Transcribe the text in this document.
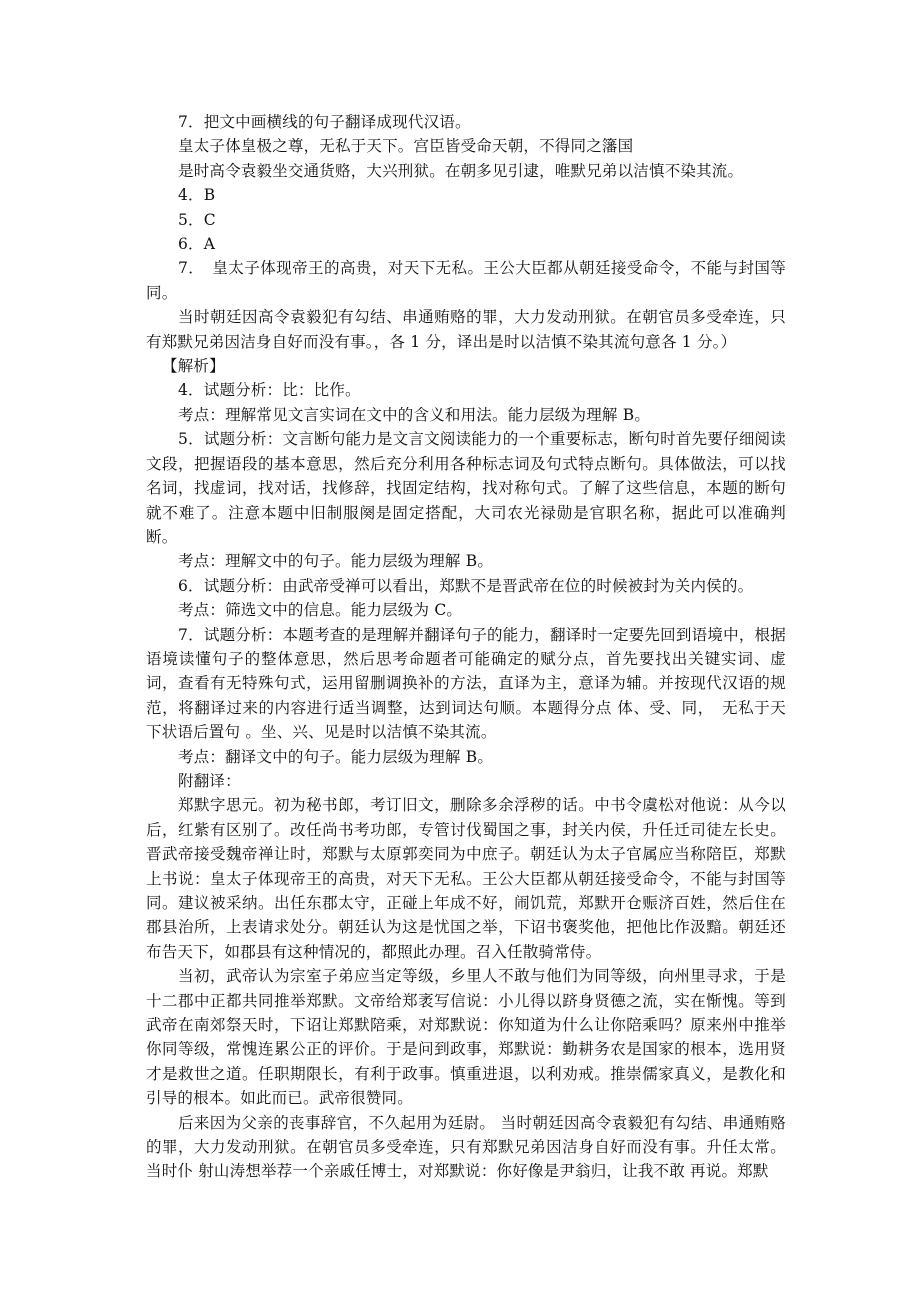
7．把文中画横线的句子翻译成现代汉语。

皇太子体皇极之尊，无私于天下。宫臣皆受命天朝，不得同之籓国

是时高令袁毅坐交通货赂，大兴刑狱。在朝多见引逮，唯默兄弟以洁慎不染其流。

4．B

5．C

6．A

7．　皇太子体现帝王的高贵，对天下无私。王公大臣都从朝廷接受命令，不能与封国等同。

当时朝廷因高令袁毅犯有勾结、串通贿赂的罪，大力发动刑狱。在朝官员多受牵连，只有郑默兄弟因洁身自好而没有事。，各 1 分，译出是时以洁慎不染其流句意各 1 分。）

【解析】

4．试题分析：比：比作。

考点：理解常见文言实词在文中的含义和用法。能力层级为理解 B。

5．试题分析：文言断句能力是文言文阅读能力的一个重要标志，断句时首先要仔细阅读文段，把握语段的基本意思，然后充分利用各种标志词及句式特点断句。具体做法，可以找名词，找虚词，找对话，找修辞，找固定结构，找对称句式。了解了这些信息，本题的断句就不难了。注意本题中旧制服阕是固定搭配，大司农光禄勋是官职名称，据此可以准确判断。

考点：理解文中的句子。能力层级为理解 B。

6．试题分析：由武帝受禅可以看出，郑默不是晋武帝在位的时候被封为关内侯的。

考点：筛选文中的信息。能力层级为 C。

7．试题分析：本题考查的是理解并翻译句子的能力，翻译时一定要先回到语境中，根据语境读懂句子的整体意思，然后思考命题者可能确定的赋分点，首先要找出关键实词、虚词，查看有无特殊句式，运用留删调换补的方法，直译为主，意译为辅。并按现代汉语的规范，将翻译过来的内容进行适当调整，达到词达句顺。本题得分点 体、受、同，　无私于天下状语后置句 。坐、兴、见是时以洁慎不染其流。

考点：翻译文中的句子。能力层级为理解 B。

附翻译：

郑默字思元。初为秘书郎，考订旧文，删除多余浮秽的话。中书令虞松对他说：从今以后，红紫有区别了。改任尚书考功郎，专管讨伐蜀国之事，封关内侯，升任迁司徒左长史。晋武帝接受魏帝禅让时，郑默与太原郭奕同为中庶子。朝廷认为太子官属应当称陪臣，郑默上书说：皇太子体现帝王的高贵，对天下无私。王公大臣都从朝廷接受命令，不能与封国等同。建议被采纳。出任东郡太守，正碰上年成不好，闹饥荒，郑默开仓赈济百姓，然后住在郡县治所，上表请求处分。朝廷认为这是忧国之举，下诏书褒奖他，把他比作汲黯。朝廷还布告天下，如郡县有这种情况的，都照此办理。召入任散骑常侍。

当初，武帝认为宗室子弟应当定等级，乡里人不敢与他们为同等级，向州里寻求，于是十二郡中正都共同推举郑默。文帝给郑袤写信说：小儿得以跻身贤德之流，实在惭愧。等到武帝在南郊祭天时，下诏让郑默陪乘，对郑默说：你知道为什么让你陪乘吗？原来州中推举你同等级，常愧连累公正的评价。于是问到政事，郑默说：勤耕务农是国家的根本，选用贤才是救世之道。任职期限长，有利于政事。慎重进退，以利劝戒。推崇儒家真义，是教化和引导的根本。如此而已。武帝很赞同。

后来因为父亲的丧事辞官，不久起用为廷尉。 当时朝廷因高令袁毅犯有勾结、串通贿赂的罪，大力发动刑狱。在朝官员多受牵连，只有郑默兄弟因洁身自好而没有事。升任太常。当时仆 射山涛想举荐一个亲戚任博士，对郑默说：你好像是尹翁归，让我不敢 再说。郑默
